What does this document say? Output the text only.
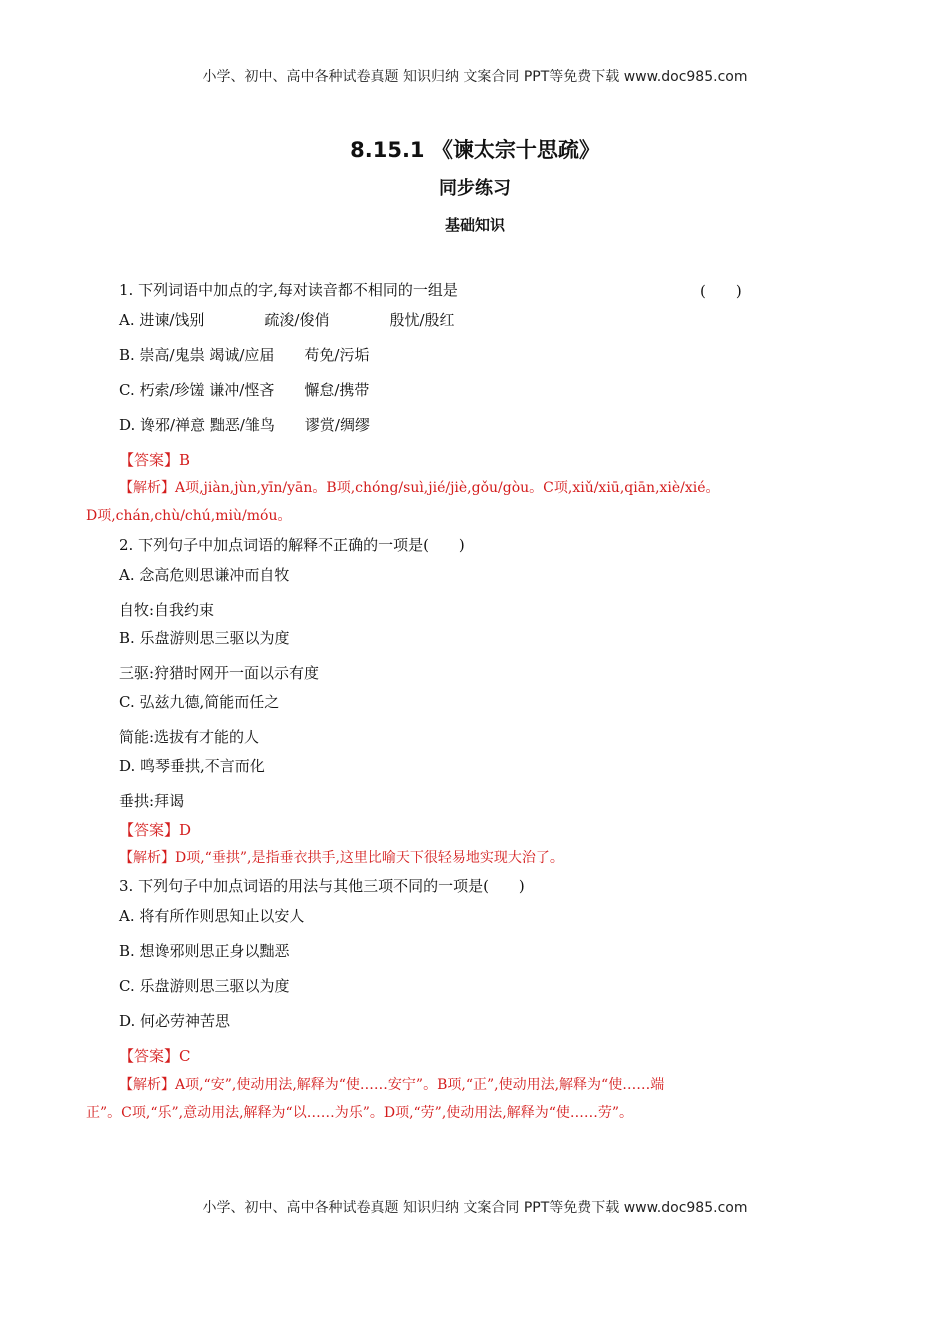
小学、初中、高中各种试卷真题 知识归纳 文案合同 PPT等免费下载 www.doc985.com
8.15.1 《谏太宗十思疏》
同步练习
基础知识
1. 下列词语中加点的字,每对读音都不相同的一组是	(　　)
A. 进谏/饯别　　　　疏浚/俊俏　　　　殷忧/殷红
B. 崇高/鬼祟 竭诚/应届　　苟免/污垢
C. 朽索/珍馐 谦冲/悭吝　　懈怠/携带
D. 谗邪/禅意 黜恶/雏鸟　　谬赏/绸缪
【答案】B
【解析】A项,jiàn,jùn,yīn/yān。B项,chóng/suì,jié/jiè,gǒu/gòu。C项,xiǔ/xiū,qiān,xiè/xié。
D项,chán,chù/chú,miù/móu。
2. 下列句子中加点词语的解释不正确的一项是(　　)
A. 念高危则思谦冲而自牧
自牧:自我约束
B. 乐盘游则思三驱以为度
三驱:狩猎时网开一面以示有度
C. 弘兹九德,简能而任之
简能:选拔有才能的人
D. 鸣琴垂拱,不言而化
垂拱:拜谒
【答案】D
【解析】D项,“垂拱”,是指垂衣拱手,这里比喻天下很轻易地实现大治了。
3. 下列句子中加点词语的用法与其他三项不同的一项是(　　)
A. 将有所作则思知止以安人
B. 想谗邪则思正身以黜恶
C. 乐盘游则思三驱以为度
D. 何必劳神苦思
【答案】C
【解析】A项,“安”,使动用法,解释为“使……安宁”。B项,“正”,使动用法,解释为“使……端
正”。C项,“乐”,意动用法,解释为“以……为乐”。D项,“劳”,使动用法,解释为“使……劳”。
小学、初中、高中各种试卷真题 知识归纳 文案合同 PPT等免费下载 www.doc985.com
